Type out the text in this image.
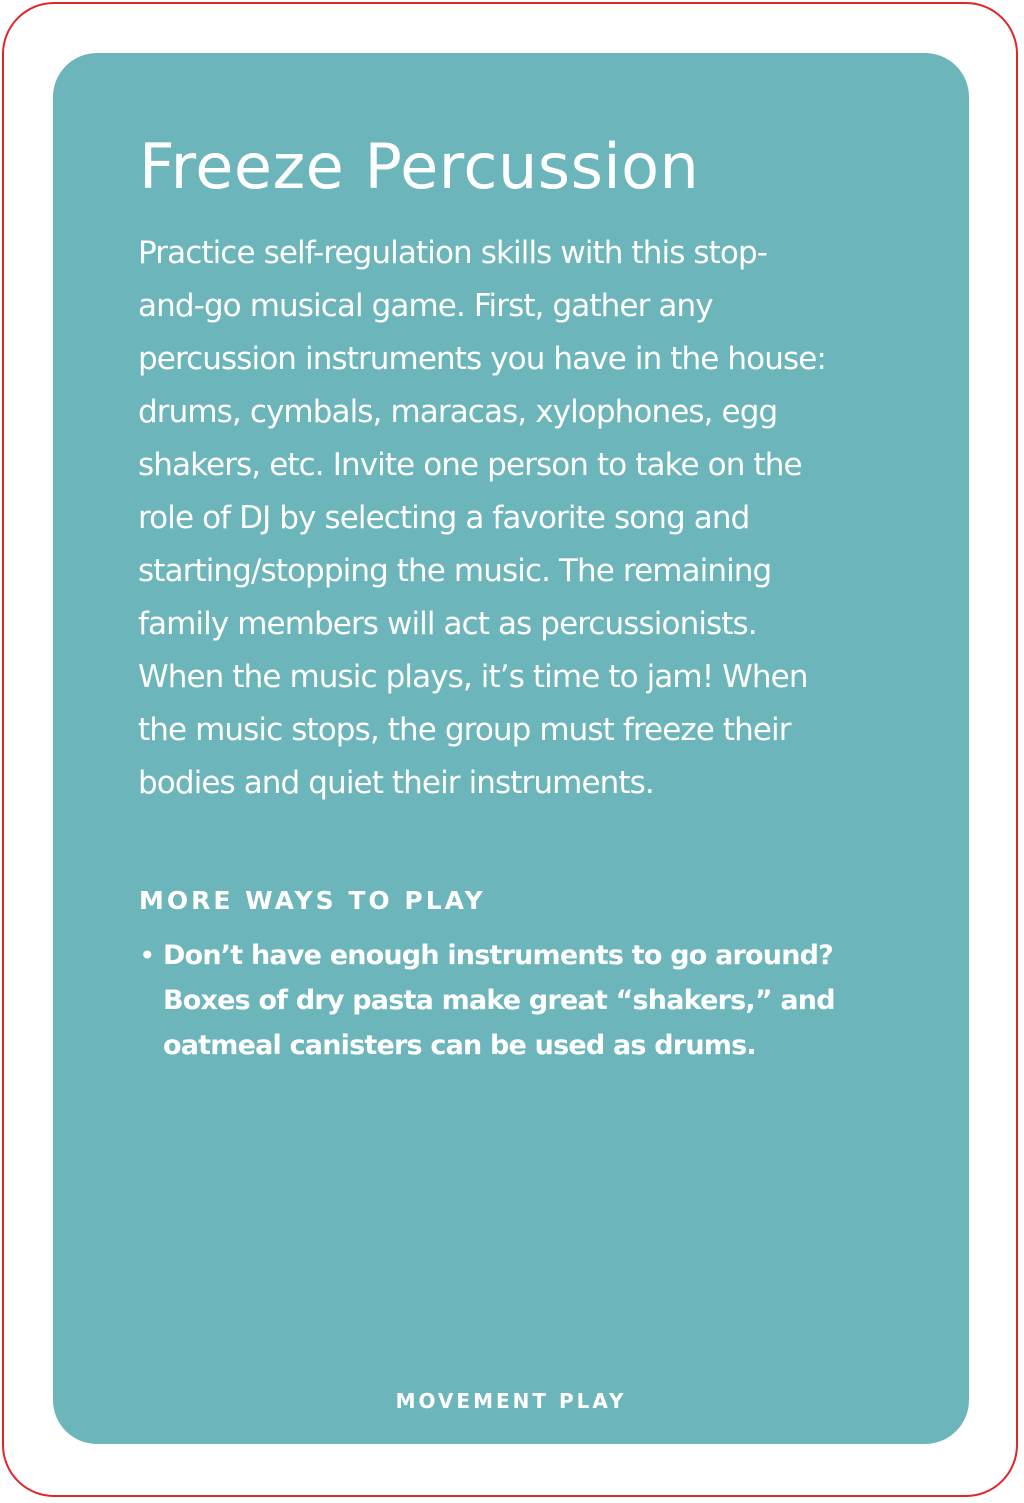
Freeze Percussion
Practice self-regulation skills with this stop-
and-go musical game. First, gather any
percussion instruments you have in the house:
drums, cymbals, maracas, xylophones, egg
shakers, etc. Invite one person to take on the
role of DJ by selecting a favorite song and
starting/stopping the music. The remaining
family members will act as percussionists.
When the music plays, it’s time to jam! When
the music stops, the group must freeze their
bodies and quiet their instruments.
MORE WAYS TO PLAY
• Don’t have enough instruments to go around?
Boxes of dry pasta make great “shakers,” and
oatmeal canisters can be used as drums.
MOVEMENT PLAY
